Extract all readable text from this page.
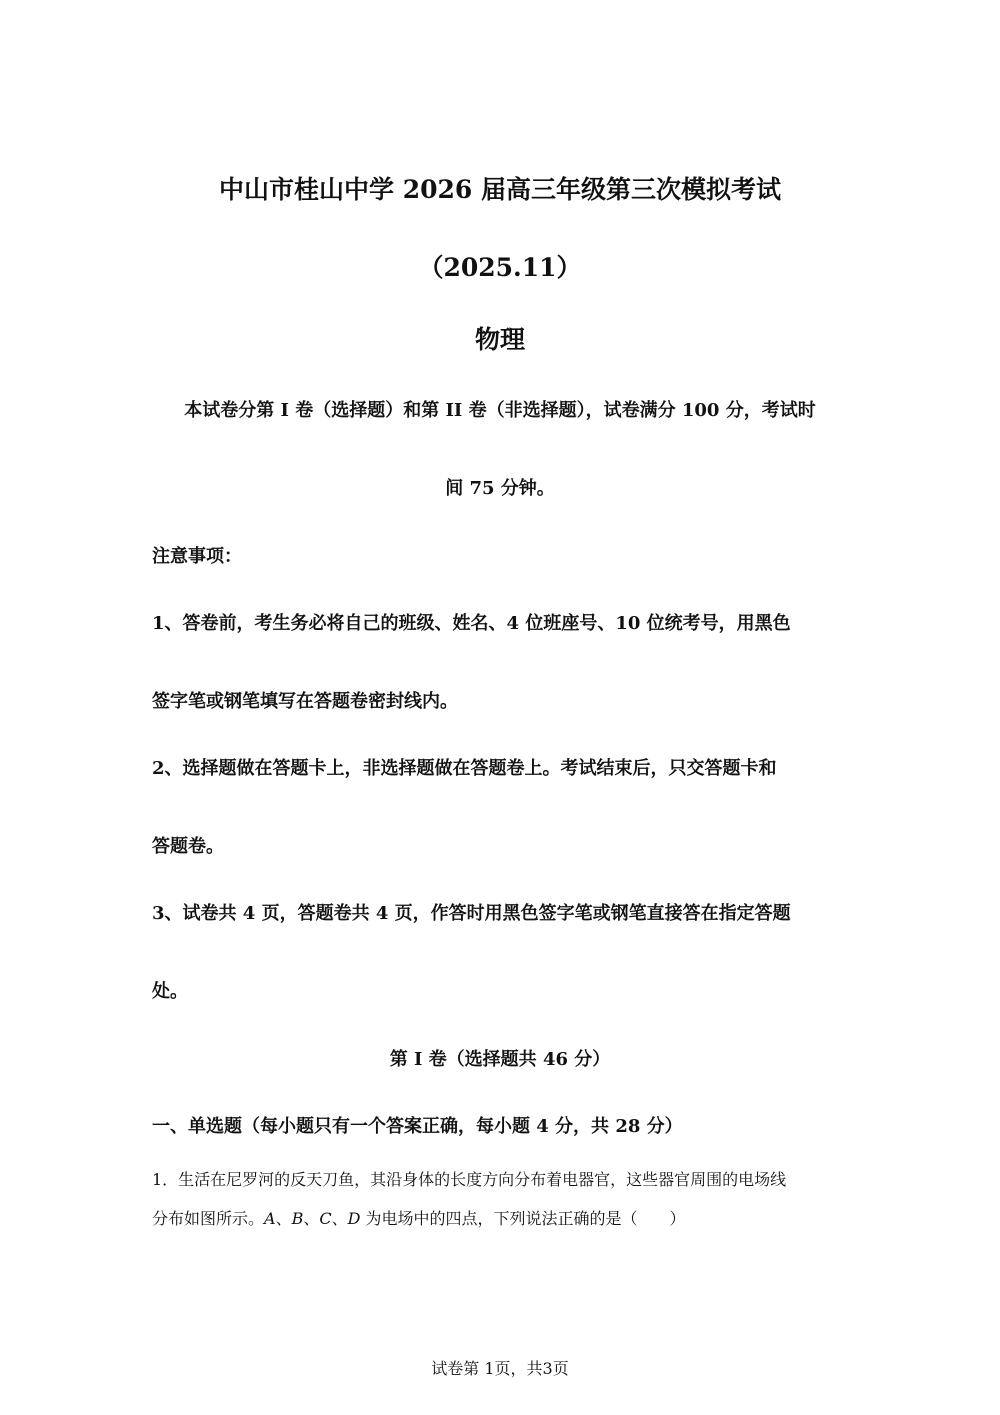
中山市桂山中学 2026 届高三年级第三次模拟考试
（2025.11）
物理
本试卷分第 I 卷（选择题）和第 II 卷（非选择题），试卷满分 100 分，考试时
间 75 分钟。
注意事项：
1、答卷前，考生务必将自己的班级、姓名、4 位班座号、10 位统考号，用黑色
签字笔或钢笔填写在答题卷密封线内。
2、选择题做在答题卡上，非选择题做在答题卷上。考试结束后，只交答题卡和
答题卷。
3、试卷共 4 页，答题卷共 4 页，作答时用黑色签字笔或钢笔直接答在指定答题
处。
第 I 卷（选择题共 46 分）
一、单选题（每小题只有一个答案正确，每小题 4 分，共 28 分）
1．生活在尼罗河的反天刀鱼，其沿身体的长度方向分布着电器官，这些器官周围的电场线
分布如图所示。A、B、C、D 为电场中的四点，下列说法正确的是（　　）
试卷第 1页，共3页
